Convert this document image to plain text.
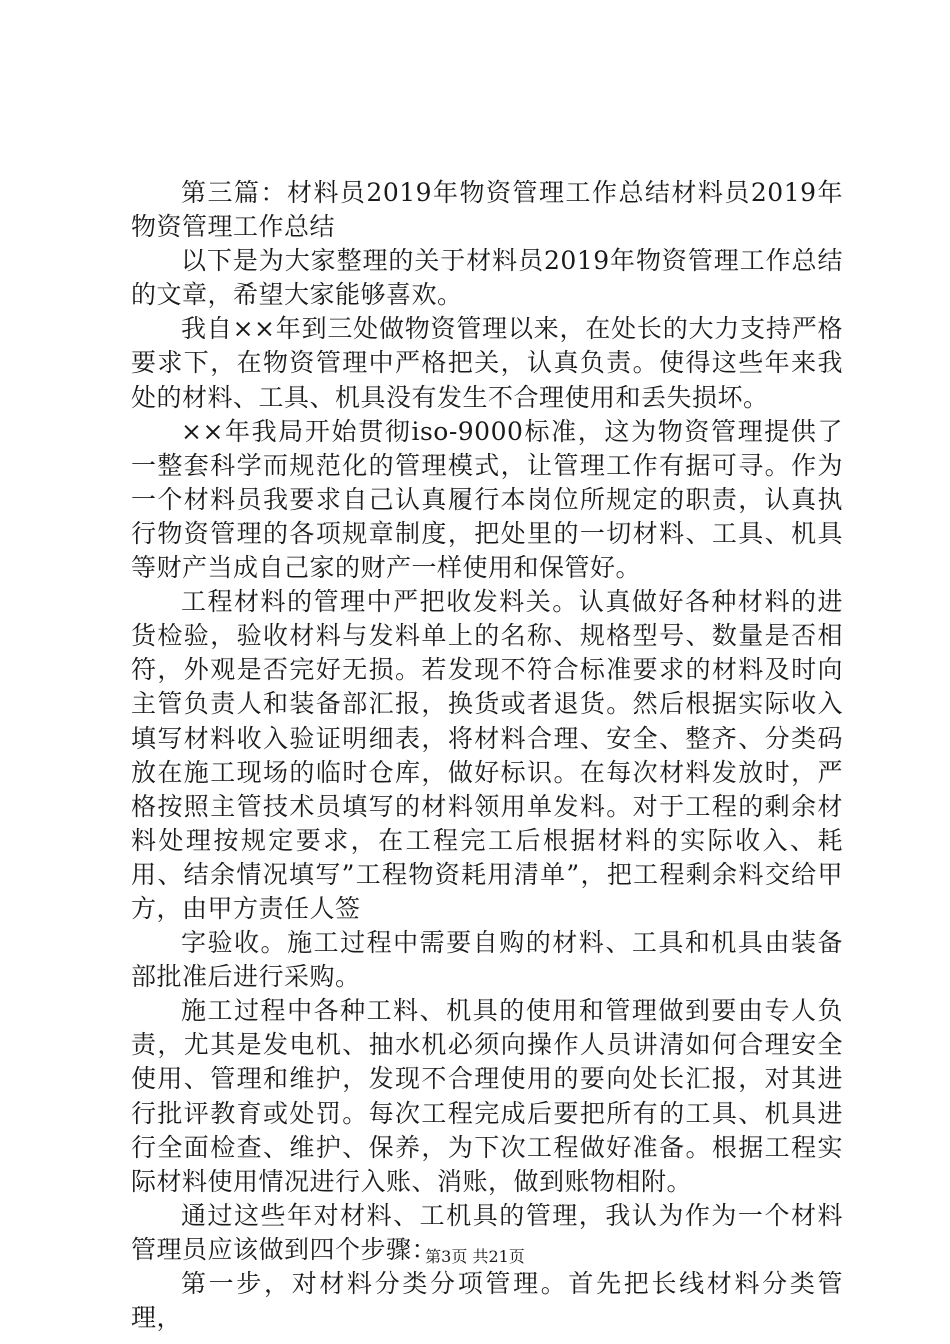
第三篇：材料员2019年物资管理工作总结材料员2019年物资管理工作总结

以下是为大家整理的关于材料员2019年物资管理工作总结的文章，希望大家能够喜欢。

我自××年到三处做物资管理以来，在处长的大力支持严格要求下，在物资管理中严格把关，认真负责。使得这些年来我处的材料、工具、机具没有发生不合理使用和丢失损坏。

××年我局开始贯彻iso-9000标准，这为物资管理提供了一整套科学而规范化的管理模式，让管理工作有据可寻。作为一个材料员我要求自己认真履行本岗位所规定的职责，认真执行物资管理的各项规章制度，把处里的一切材料、工具、机具等财产当成自己家的财产一样使用和保管好。

工程材料的管理中严把收发料关。认真做好各种材料的进货检验，验收材料与发料单上的名称、规格型号、数量是否相符，外观是否完好无损。若发现不符合标准要求的材料及时向主管负责人和装备部汇报，换货或者退货。然后根据实际收入填写材料收入验证明细表，将材料合理、安全、整齐、分类码放在施工现场的临时仓库，做好标识。在每次材料发放时，严格按照主管技术员填写的材料领用单发料。对于工程的剩余材料处理按规定要求，在工程完工后根据材料的实际收入、耗用、结余情况填写”工程物资耗用清单”，把工程剩余料交给甲方，由甲方责任人签

字验收。施工过程中需要自购的材料、工具和机具由装备部批准后进行采购。

施工过程中各种工料、机具的使用和管理做到要由专人负责，尤其是发电机、抽水机必须向操作人员讲清如何合理安全使用、管理和维护，发现不合理使用的要向处长汇报，对其进行批评教育或处罚。每次工程完成后要把所有的工具、机具进行全面检查、维护、保养，为下次工程做好准备。根据工程实际材料使用情况进行入账、消账，做到账物相附。

通过这些年对材料、工机具的管理，我认为作为一个材料管理员应该做到四个步骤：

第一步，对材料分类分项管理。首先把长线材料分类管理，

第3页 共21页
